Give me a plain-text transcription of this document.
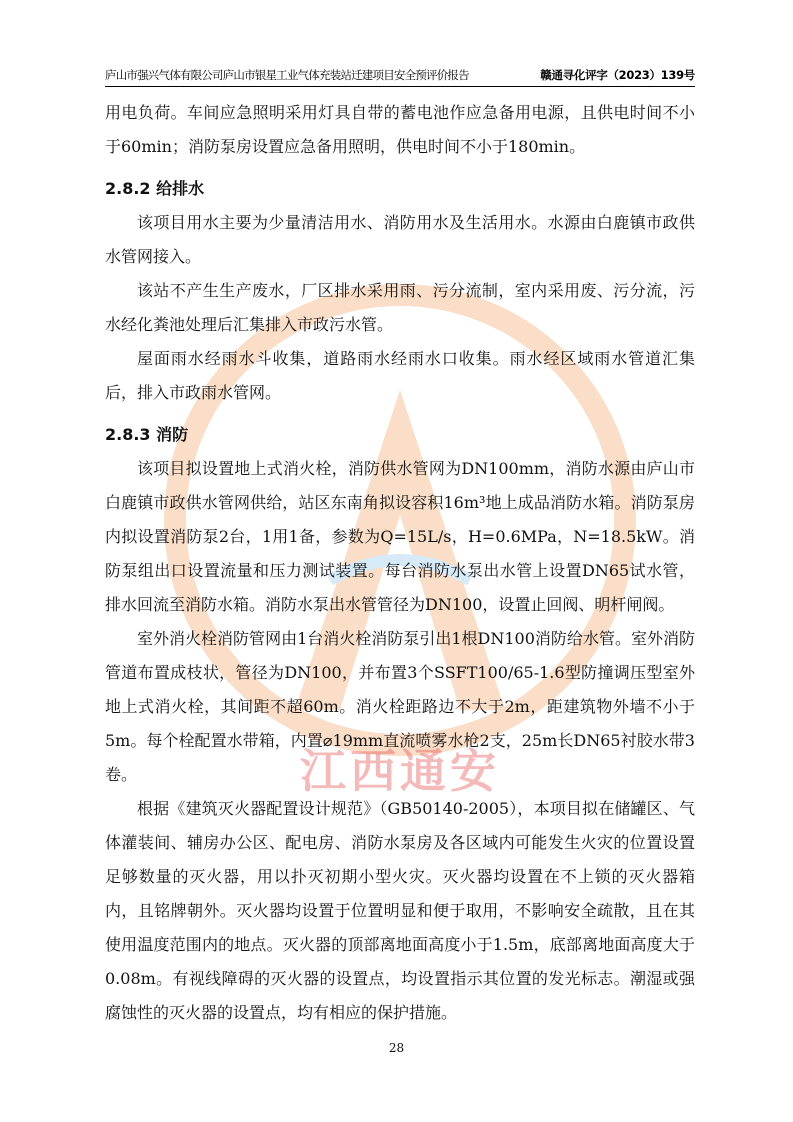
江西通安
庐山市强兴气体有限公司庐山市银星工业气体充装站迁建项目安全预评价报告	赣通寻化评字（2023）139号

用电负荷。车间应急照明采用灯具自带的蓄电池作应急备用电源，且供电时间不小于60min；消防泵房设置应急备用照明，供电时间不小于180min。

2.8.2 给排水

该项目用水主要为少量清洁用水、消防用水及生活用水。水源由白鹿镇市政供水管网接入。

该站不产生生产废水，厂区排水采用雨、污分流制，室内采用废、污分流，污水经化粪池处理后汇集排入市政污水管。

屋面雨水经雨水斗收集，道路雨水经雨水口收集。雨水经区域雨水管道汇集后，排入市政雨水管网。

2.8.3 消防

该项目拟设置地上式消火栓，消防供水管网为DN100mm，消防水源由庐山市白鹿镇市政供水管网供给，站区东南角拟设容积16m³地上成品消防水箱。消防泵房内拟设置消防泵2台，1用1备，参数为Q=15L/s，H=0.6MPa，N=18.5kW。消防泵组出口设置流量和压力测试装置。每台消防水泵出水管上设置DN65试水管，排水回流至消防水箱。消防水泵出水管管径为DN100，设置止回阀、明杆闸阀。

室外消火栓消防管网由1台消火栓消防泵引出1根DN100消防给水管。室外消防管道布置成枝状，管径为DN100，并布置3个SSFT100/65-1.6型防撞调压型室外地上式消火栓，其间距不超60m。消火栓距路边不大于2m，距建筑物外墙不小于5m。每个栓配置水带箱，内置⌀19mm直流喷雾水枪2支，25m长DN65衬胶水带3卷。

根据《建筑灭火器配置设计规范》（GB50140-2005），本项目拟在储罐区、气体灌装间、辅房办公区、配电房、消防水泵房及各区域内可能发生火灾的位置设置足够数量的灭火器，用以扑灭初期小型火灾。灭火器均设置在不上锁的灭火器箱内，且铭牌朝外。灭火器均设置于位置明显和便于取用，不影响安全疏散，且在其使用温度范围内的地点。灭火器的顶部离地面高度小于1.5m，底部离地面高度大于0.08m。有视线障碍的灭火器的设置点，均设置指示其位置的发光标志。潮湿或强腐蚀性的灭火器的设置点，均有相应的保护措施。

28
